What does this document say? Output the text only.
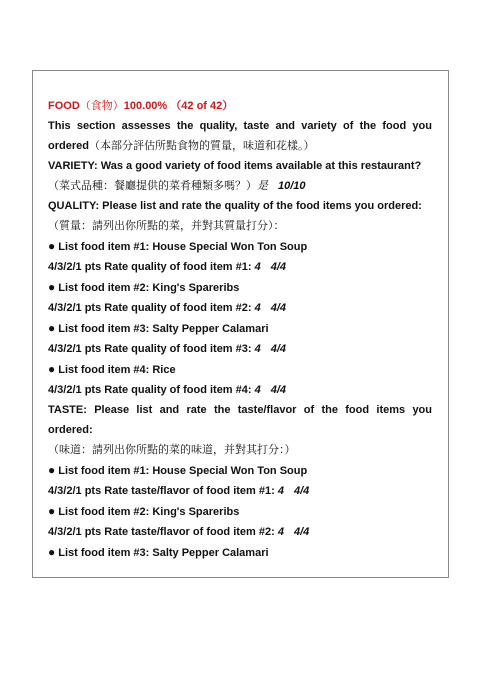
FOOD（食物）100.00% （42 of 42）
This section assesses the quality, taste and variety of the food you ordered（本部分評估所點食物的質量，味道和花樣。）
VARIETY: Was a good variety of food items available at this restaurant?
（菜式品種：餐廳提供的菜肴種類多嗎？）是 10/10
QUALITY: Please list and rate the quality of the food items you ordered:
（質量：請列出你所點的菜，并對其質量打分）：
● List food item #1: House Special Won Ton Soup
4/3/2/1 pts Rate quality of food item #1: 4 4/4
● List food item #2: King's Spareribs
4/3/2/1 pts Rate quality of food item #2: 4 4/4
● List food item #3: Salty Pepper Calamari
4/3/2/1 pts Rate quality of food item #3: 4 4/4
● List food item #4: Rice
4/3/2/1 pts Rate quality of food item #4: 4 4/4
TASTE: Please list and rate the taste/flavor of the food items you ordered:
（味道：請列出你所點的菜的味道，并對其打分：）
● List food item #1: House Special Won Ton Soup
4/3/2/1 pts Rate taste/flavor of food item #1: 4 4/4
● List food item #2: King's Spareribs
4/3/2/1 pts Rate taste/flavor of food item #2: 4 4/4
● List food item #3: Salty Pepper Calamari
